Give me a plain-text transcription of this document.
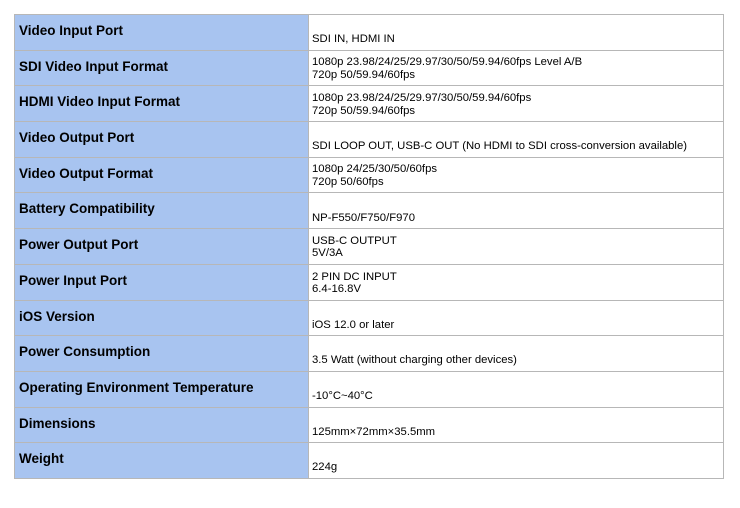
Video Input Port	SDI IN, HDMI IN

SDI Video Input Format	1080p 23.98/24/25/29.97/30/50/59.94/60fps Level A/B
720p 50/59.94/60fps

HDMI Video Input Format	1080p 23.98/24/25/29.97/30/50/59.94/60fps
720p 50/59.94/60fps

Video Output Port	SDI LOOP OUT, USB-C OUT (No HDMI to SDI cross-conversion available)

Video Output Format	1080p 24/25/30/50/60fps
720p 50/60fps

Battery Compatibility	NP-F550/F750/F970

Power Output Port	USB-C OUTPUT
5V/3A

Power Input Port	2 PIN DC INPUT
6.4-16.8V

iOS Version	iOS 12.0 or later

Power Consumption	3.5 Watt (without charging other devices)

Operating Environment Temperature	-10°C~40°C

Dimensions	125mm×72mm×35.5mm

Weight	224g
